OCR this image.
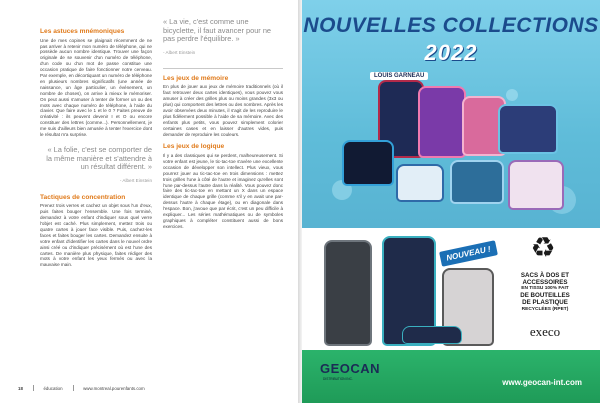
Les astuces mnémoniques
Une de mes copines se plaignait récemment de ne pas arriver à retenir mon numéro de téléphone, qui ne possède aucun nombre identique. Trouver une façon originale de se souvenir d'un numéro de téléphone, d'un code ou d'un mot de passe constitue une occasion pratique de faire fonctionner notre cerveau. Par exemple, en décortiquant un numéro de téléphone en plusieurs nombres significatifs (une année de naissance, un âge particulier, un événement, un nombre de choses), on arrive à mieux le mémoriser. On peut aussi s'amuser à tenter de former un ou des mots avec chaque numéro de téléphone, à l'aide du clavier. Que faire avec le 1 et le 0 ? Faites preuve de créativité : ils peuvent devenir I et O ou encore constituer des lettres (comme...). Personnellement, je me suis d'ailleurs bien amusée à tenter l'exercice dont le résultat m'a surprise.
« La folie, c'est se comporter de la même manière et s'attendre à un résultat différent. »
- Albert Einstein
Tactiques de concentration
Prenez trois verres et cachez un objet sous l'un d'eux, puis faites bouger l'ensemble. Une fois terminé, demandez à votre enfant d'indiquer sous quel verre l'objet est caché. Plus simplement, mettez trois ou quatre cartes à jouer face visible. Puis, cachez-les faces et faites bouger les cartes. Demandez ensuite à votre enfant d'identifier les cartes dans le nouvel ordre ainsi créé ou d'indiquer précisément où est l'une des cartes. De manière plus physique, faites rédiger des mots à votre enfant les yeux fermés ou avec la mauvaise main.
« La vie, c'est comme une bicyclette, il faut avancer pour ne pas perdre l'équilibre. »
- Albert Einstein
Les jeux de mémoire
En plus de jouer aux jeux de mémoire traditionnels (où il faut retrouver deux cartes identiques), vous pouvez vous amuser à créer des grilles plus ou moins grandes (3x3 ou plus) qui comportent des lettres ou des nombres. Après les avoir observées deux minutes, il s'agit de les reproduire le plus fidèlement possible à l'aide de sa mémoire. Avec des enfants plus petits, vous pouvez simplement colorier certaines cases et en laisser d'autres vides, puis demander de reproduire les couleurs.
Les jeux de logique
Il y a des classiques qui se perdent, malheureusement. Si votre enfant est jeune, le tic-tac-toe s'avère une excellente occasion de développer son intellect. Plus vieux, vous pourrez jouer au tic-tac-toe en trois dimensions : mettez trois grilles l'une à côté de l'autre et imaginez qu'elles sont l'une par-dessus l'autre dans la réalité. Vous pouvez donc faire des tic-tac-toe en mettant un X dans un espace identique de chaque grille (comme s'il y en avait une par-dessus l'autre à chaque étage), ou en diagonale dans l'espace. Bon, j'avoue que par écrit, c'est un peu difficile à expliquer... Les séries mathématiques ou de symboles graphiques à compléter constituent aussi de bons exercices.
18	éducation	www.montreal.pourenfants.com
NOUVELLES COLLECTIONS
2022
LOUIS GARNEAU
NOUVEAU ! ♻
SACS À DOS ET
ACCESSOIRES
EN TISSU 100% FAIT
DE BOUTEILLES
DE PLASTIQUE
RECYCLÉES (RPET)
execo
GEOCAN
DISTRIBUTION INC.	www.geocan-int.com
